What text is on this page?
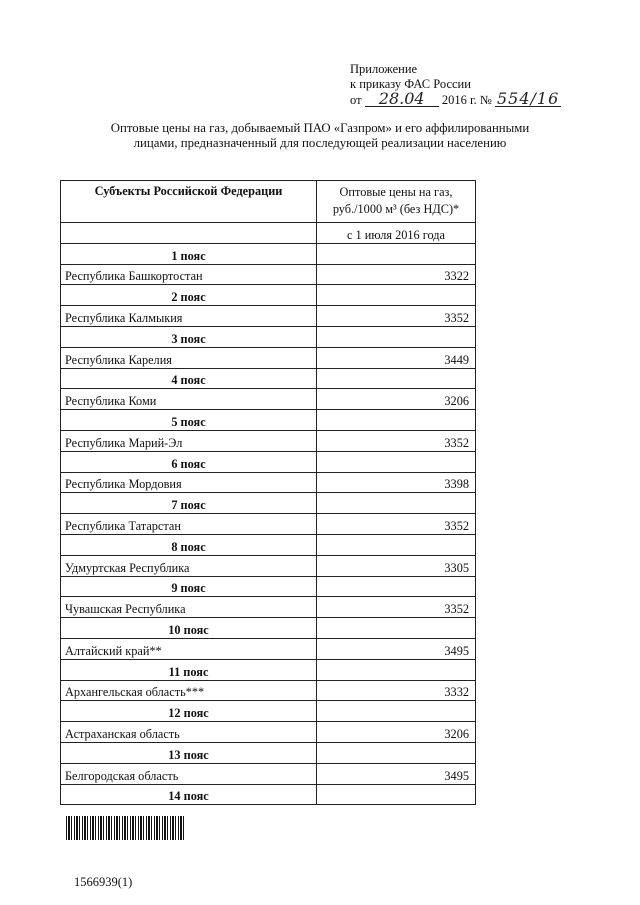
Приложение
к приказу ФАС России
от 28.04 2016 г. № 554/16
Оптовые цены на газ, добываемый ПАО «Газпром» и его аффилированными лицами, предназначенный для последующей реализации населению
Субъекты Российской Федерации	Оптовые цены на газ,
руб./1000 м³ (без НДС)*
	с 1 июля 2016 года
1 пояс	
Республика Башкортостан	3322
2 пояс	
Республика Калмыкия	3352
3 пояс	
Республика Карелия	3449
4 пояс	
Республика Коми	3206
5 пояс	
Республика Марий-Эл	3352
6 пояс	
Республика Мордовия	3398
7 пояс	
Республика Татарстан	3352
8 пояс	
Удмуртская Республика	3305
9 пояс	
Чувашская Республика	3352
10 пояс	
Алтайский край**	3495
11 пояс	
Архангельская область***	3332
12 пояс	
Астраханская область	3206
13 пояс	
Белгородская область	3495
14 пояс	
1566939(1)
